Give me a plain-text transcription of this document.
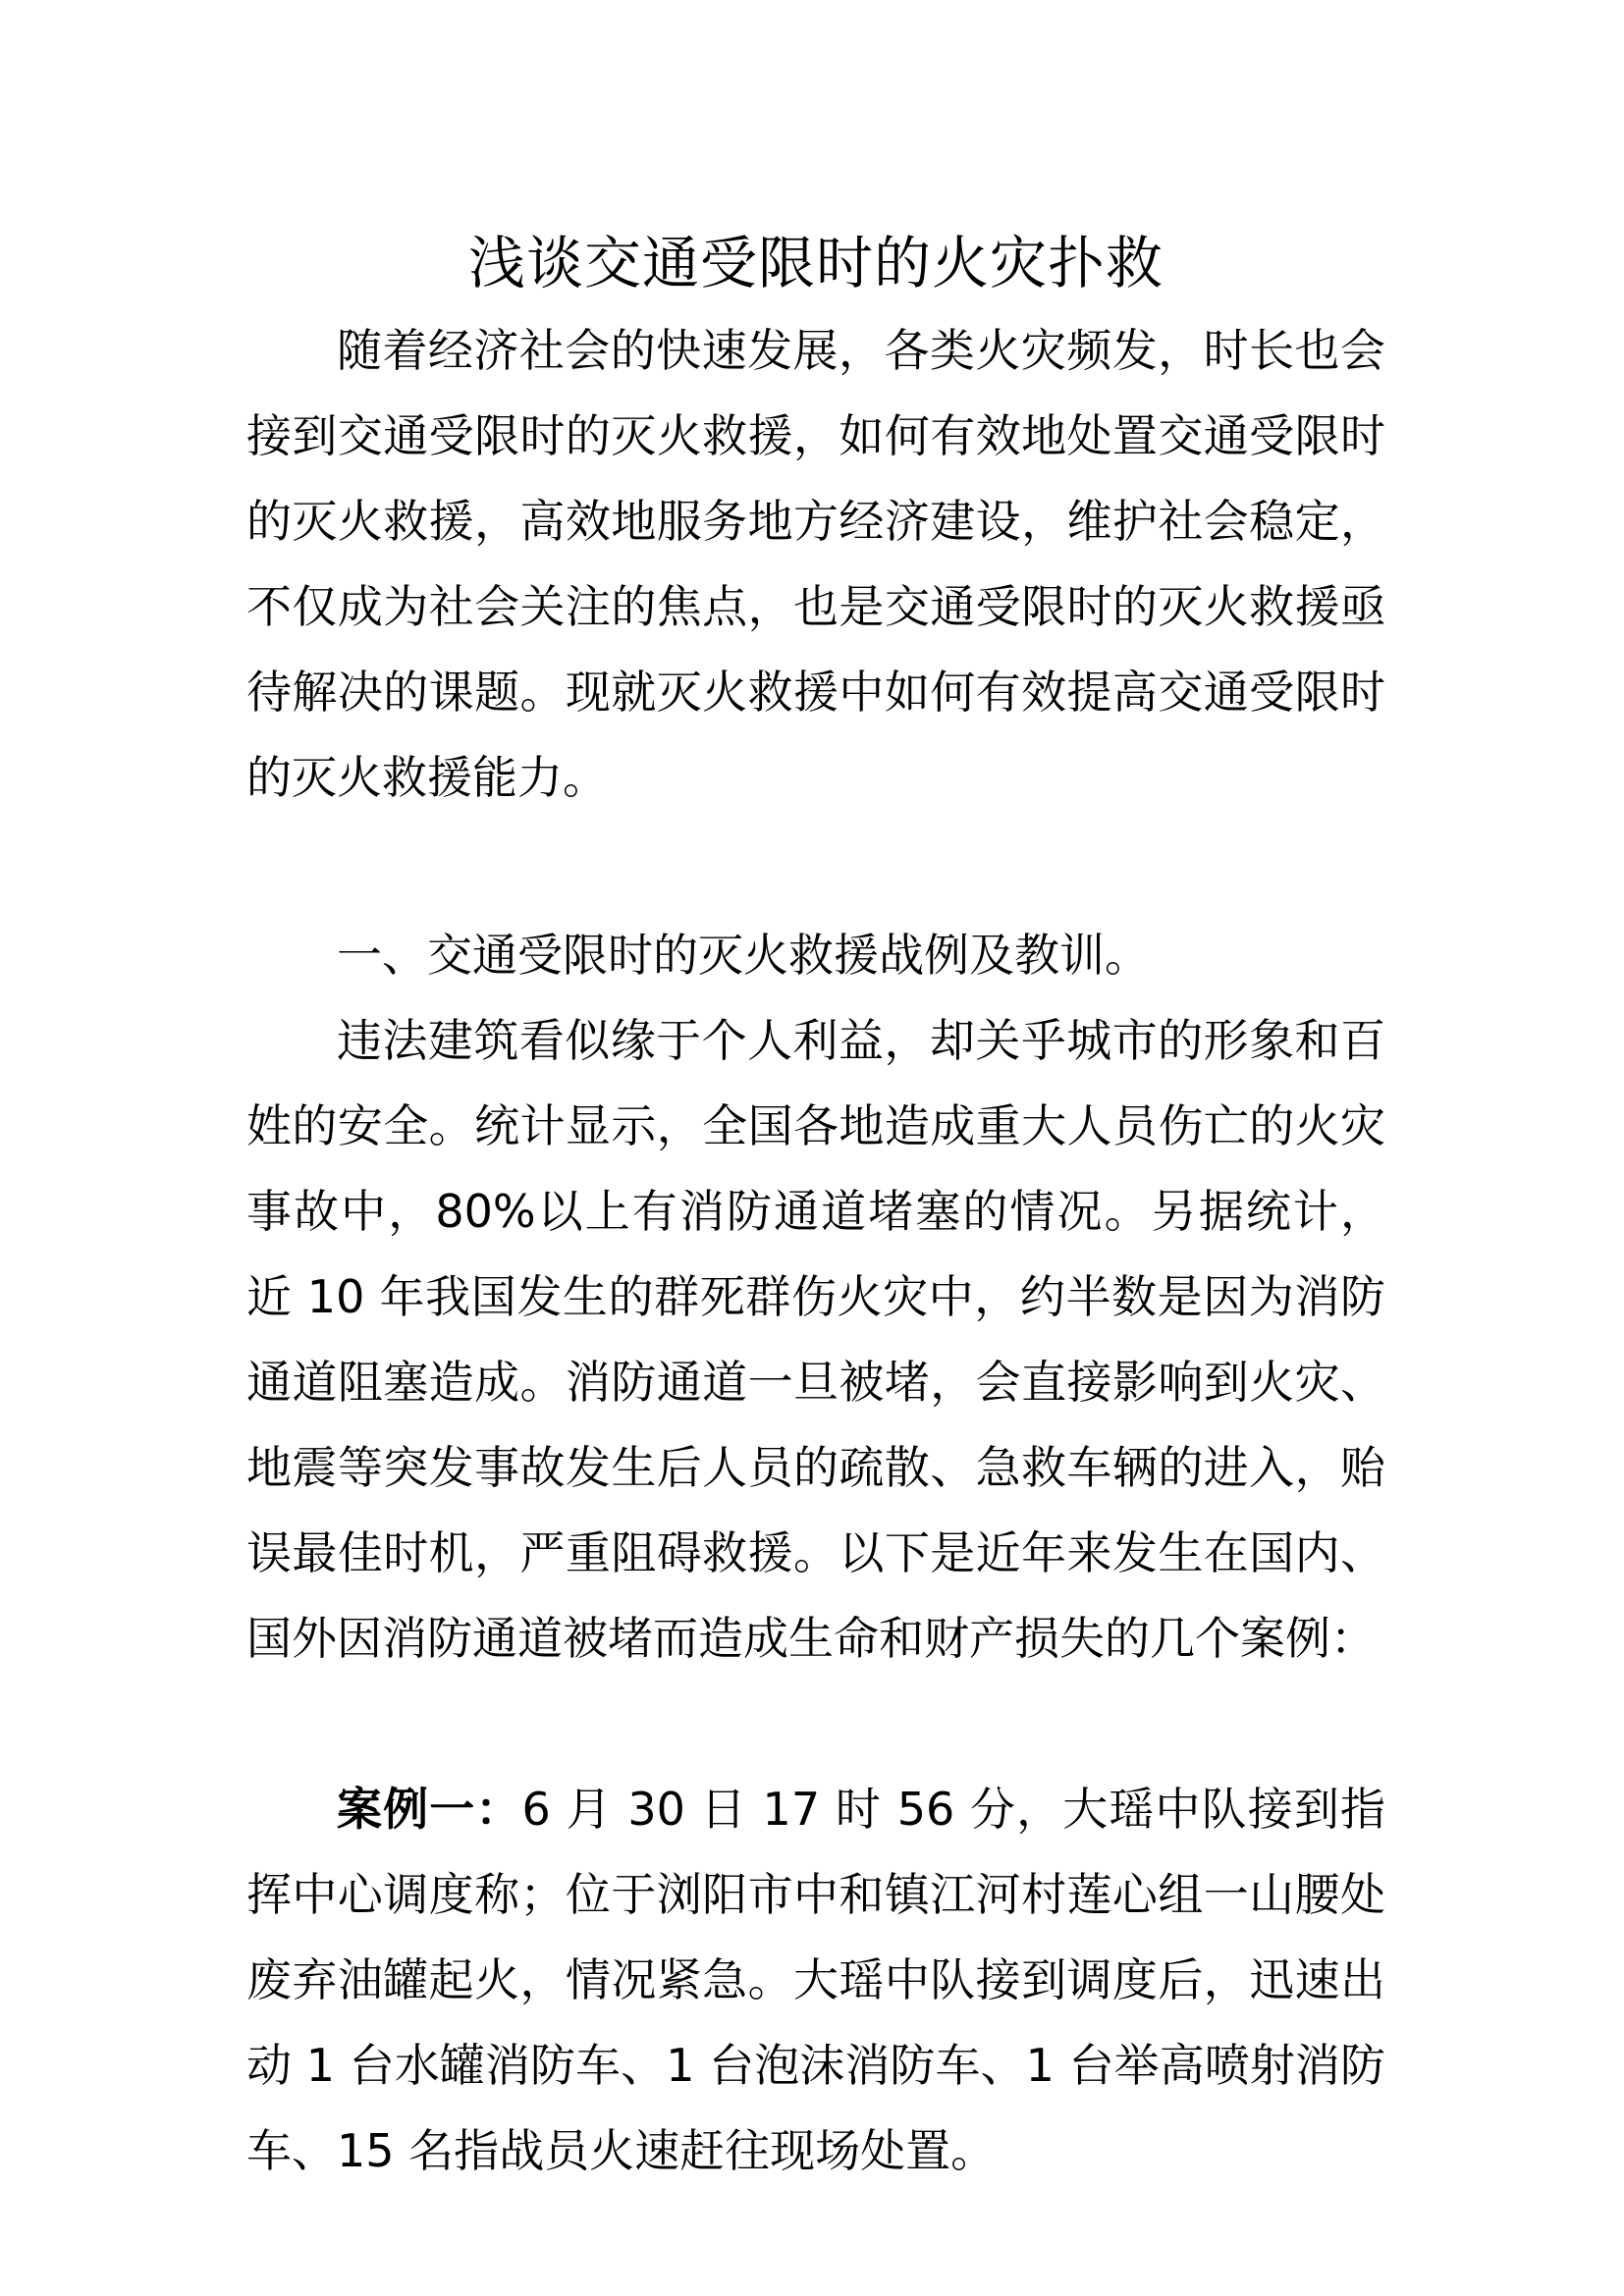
浅谈交通受限时的火灾扑救

随着经济社会的快速发展，各类火灾频发，时长也会接到交通受限时的灭火救援，如何有效地处置交通受限时的灭火救援，高效地服务地方经济建设，维护社会稳定，不仅成为社会关注的焦点，也是交通受限时的灭火救援亟待解决的课题。现就灭火救援中如何有效提高交通受限时的灭火救援能力。

一、交通受限时的灭火救援战例及教训。

违法建筑看似缘于个人利益，却关乎城市的形象和百姓的安全。统计显示，全国各地造成重大人员伤亡的火灾事故中，80%以上有消防通道堵塞的情况。另据统计，近 10 年我国发生的群死群伤火灾中，约半数是因为消防通道阻塞造成。消防通道一旦被堵，会直接影响到火灾、地震等突发事故发生后人员的疏散、急救车辆的进入，贻误最佳时机，严重阻碍救援。以下是近年来发生在国内、国外因消防通道被堵而造成生命和财产损失的几个案例：

案例一：6 月 30 日 17 时 56 分，大瑶中队接到指挥中心调度称；位于浏阳市中和镇江河村莲心组一山腰处废弃油罐起火，情况紧急。大瑶中队接到调度后，迅速出动 1 台水罐消防车、1 台泡沫消防车、1 台举高喷射消防车、15 名指战员火速赶往现场处置。
